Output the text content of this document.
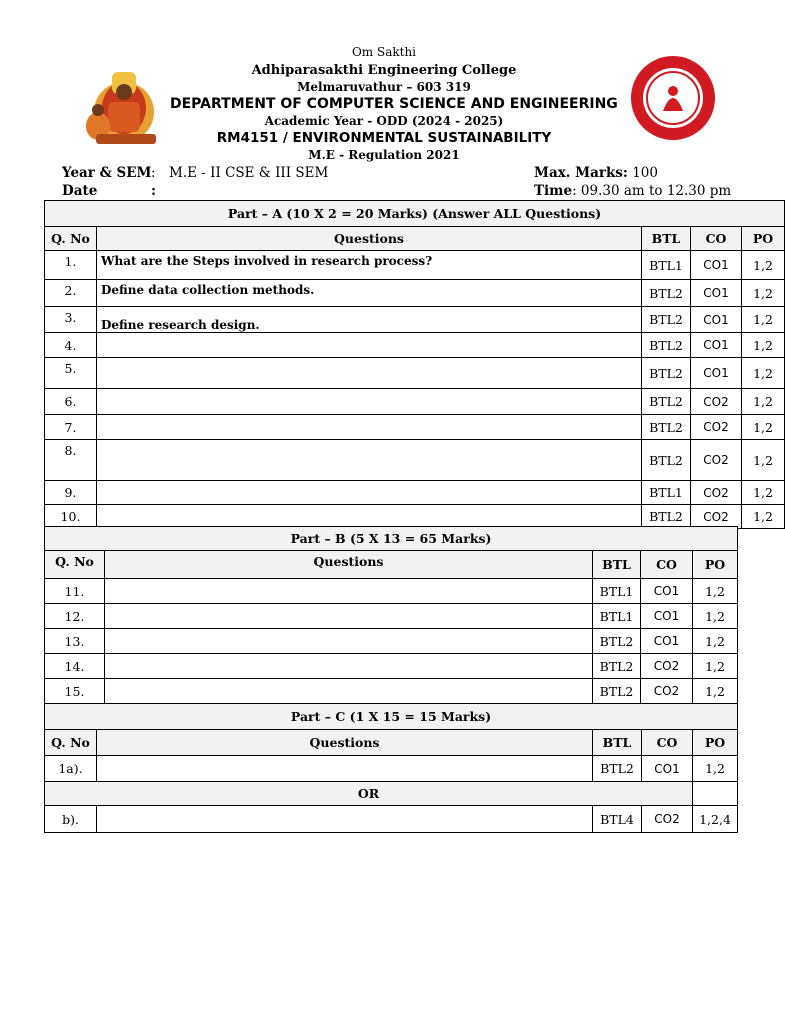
Om Sakthi
Adhiparasakthi Engineering College
Melmaruvathur – 603 319
DEPARTMENT OF COMPUTER SCIENCE AND ENGINEERING
Academic Year - ODD (2024 - 2025)
RM4151 / ENVIRONMENTAL SUSTAINABILITY
M.E - Regulation 2021
Year & SEM : M.E - II CSE & III SEM
Date	:
Max. Marks: 100
Time: 09.30 am to 12.30 pm
Part – A (10 X 2 = 20 Marks) (Answer ALL Questions)				
Q. No	Questions	BTL	CO	PO
1.	What are the Steps involved in research process?	BTL1	CO1	1,2
2.	Define data collection methods.	BTL2	CO1	1,2
3.	Define research design.	BTL2	CO1	1,2
4.		BTL2	CO1	1,2
5.		BTL2	CO1	1,2
6.		BTL2	CO2	1,2
7.		BTL2	CO2	1,2
8.		BTL2	CO2	1,2
9.		BTL1	CO2	1,2
10.		BTL2	CO2	1,2
Part – B (5 X 13 = 65 Marks)				
Q. No	Questions	BTL	CO	PO
11.		BTL1	CO1	1,2
12.		BTL1	CO1	1,2
13.		BTL2	CO1	1,2
14.		BTL2	CO2	1,2
15.		BTL2	CO2	1,2
Part – C (1 X 15 = 15 Marks)				
Q. No	Questions	BTL	CO	PO
1a).		BTL2	CO1	1,2
OR				
b).		BTL4	CO2	1,2,4
